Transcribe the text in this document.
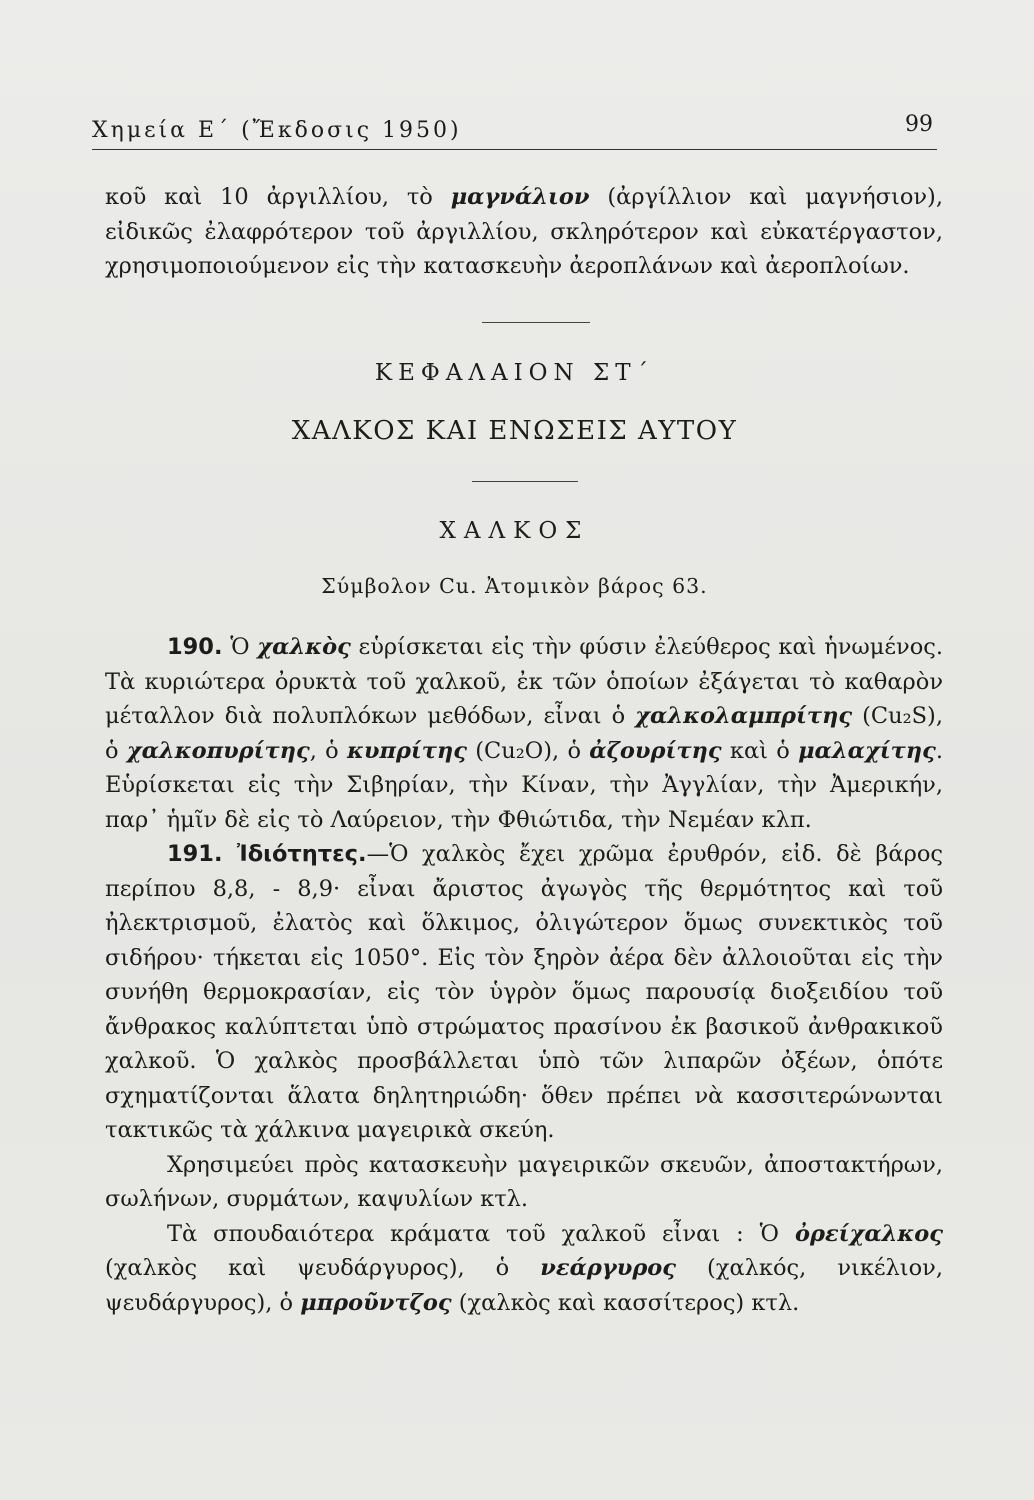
Χημεία Ε΄ (Ἔκδοσις 1950)	99

κοῦ καὶ 10 ἀργιλλίου, τὸ μαγνάλιον (ἀργίλλιον καὶ μαγνήσιον), εἰδικῶς ἐλαφρότερον τοῦ ἀργιλλίου, σκληρότερον καὶ εὐκατέργαστον, χρησιμοποιούμενον εἰς τὴν κατασκευὴν ἀεροπλάνων καὶ ἀεροπλοίων.

ΚΕΦΑΛΑΙΟΝ ΣΤ΄
ΧΑΛΚΟΣ ΚΑΙ ΕΝΩΣΕΙΣ ΑΥΤΟΥ
ΧΑΛΚΟΣ
Σύμβολον Cu. Ἀτομικὸν βάρος 63.

190. Ὁ χαλκὸς εὑρίσκεται εἰς τὴν φύσιν ἐλεύθερος καὶ ἡνωμένος. Τὰ κυριώτερα ὀρυκτὰ τοῦ χαλκοῦ, ἐκ τῶν ὁποίων ἐξάγεται τὸ καθαρὸν μέταλλον διὰ πολυπλόκων μεθόδων, εἶναι ὁ χαλκολαμπρίτης (Cu₂S), ὁ χαλκοπυρίτης, ὁ κυπρίτης (Cu₂O), ὁ ἀζουρίτης καὶ ὁ μαλαχίτης. Εὑρίσκεται εἰς τὴν Σιβηρίαν, τὴν Κίναν, τὴν Ἀγγλίαν, τὴν Ἀμερικήν, παρ᾽ ἡμῖν δὲ εἰς τὸ Λαύρειον, τὴν Φθιώτιδα, τὴν Νεμέαν κλπ.

191. Ἰδιότητες.—Ὁ χαλκὸς ἔχει χρῶμα ἐρυθρόν, εἰδ. δὲ βάρος περίπου 8,8, - 8,9· εἶναι ἄριστος ἀγωγὸς τῆς θερμότητος καὶ τοῦ ἠλεκτρισμοῦ, ἐλατὸς καὶ ὅλκιμος, ὀλιγώτερον ὅμως συνεκτικὸς τοῦ σιδήρου· τήκεται εἰς 1050°. Εἰς τὸν ξηρὸν ἀέρα δὲν ἀλλοιοῦται εἰς τὴν συνήθη θερμοκρασίαν, εἰς τὸν ὑγρὸν ὅμως παρουσίᾳ διοξειδίου τοῦ ἄνθρακος καλύπτεται ὑπὸ στρώματος πρασίνου ἐκ βασικοῦ ἀνθρακικοῦ χαλκοῦ. Ὁ χαλκὸς προσβάλλεται ὑπὸ τῶν λιπαρῶν ὀξέων, ὁπότε σχηματίζονται ἅλατα δηλητηριώδη· ὅθεν πρέπει νὰ κασσιτερώνωνται τακτικῶς τὰ χάλκινα μαγειρικὰ σκεύη.

Χρησιμεύει πρὸς κατασκευὴν μαγειρικῶν σκευῶν, ἀποστακτήρων, σωλήνων, συρμάτων, καψυλίων κτλ.

Τὰ σπουδαιότερα κράματα τοῦ χαλκοῦ εἶναι : Ὁ ὀρείχαλκος (χαλκὸς καὶ ψευδάργυρος), ὁ νεάργυρος (χαλκός, νικέλιον, ψευδάργυρος), ὁ μπροῦντζος (χαλκὸς καὶ κασσίτερος) κτλ.
